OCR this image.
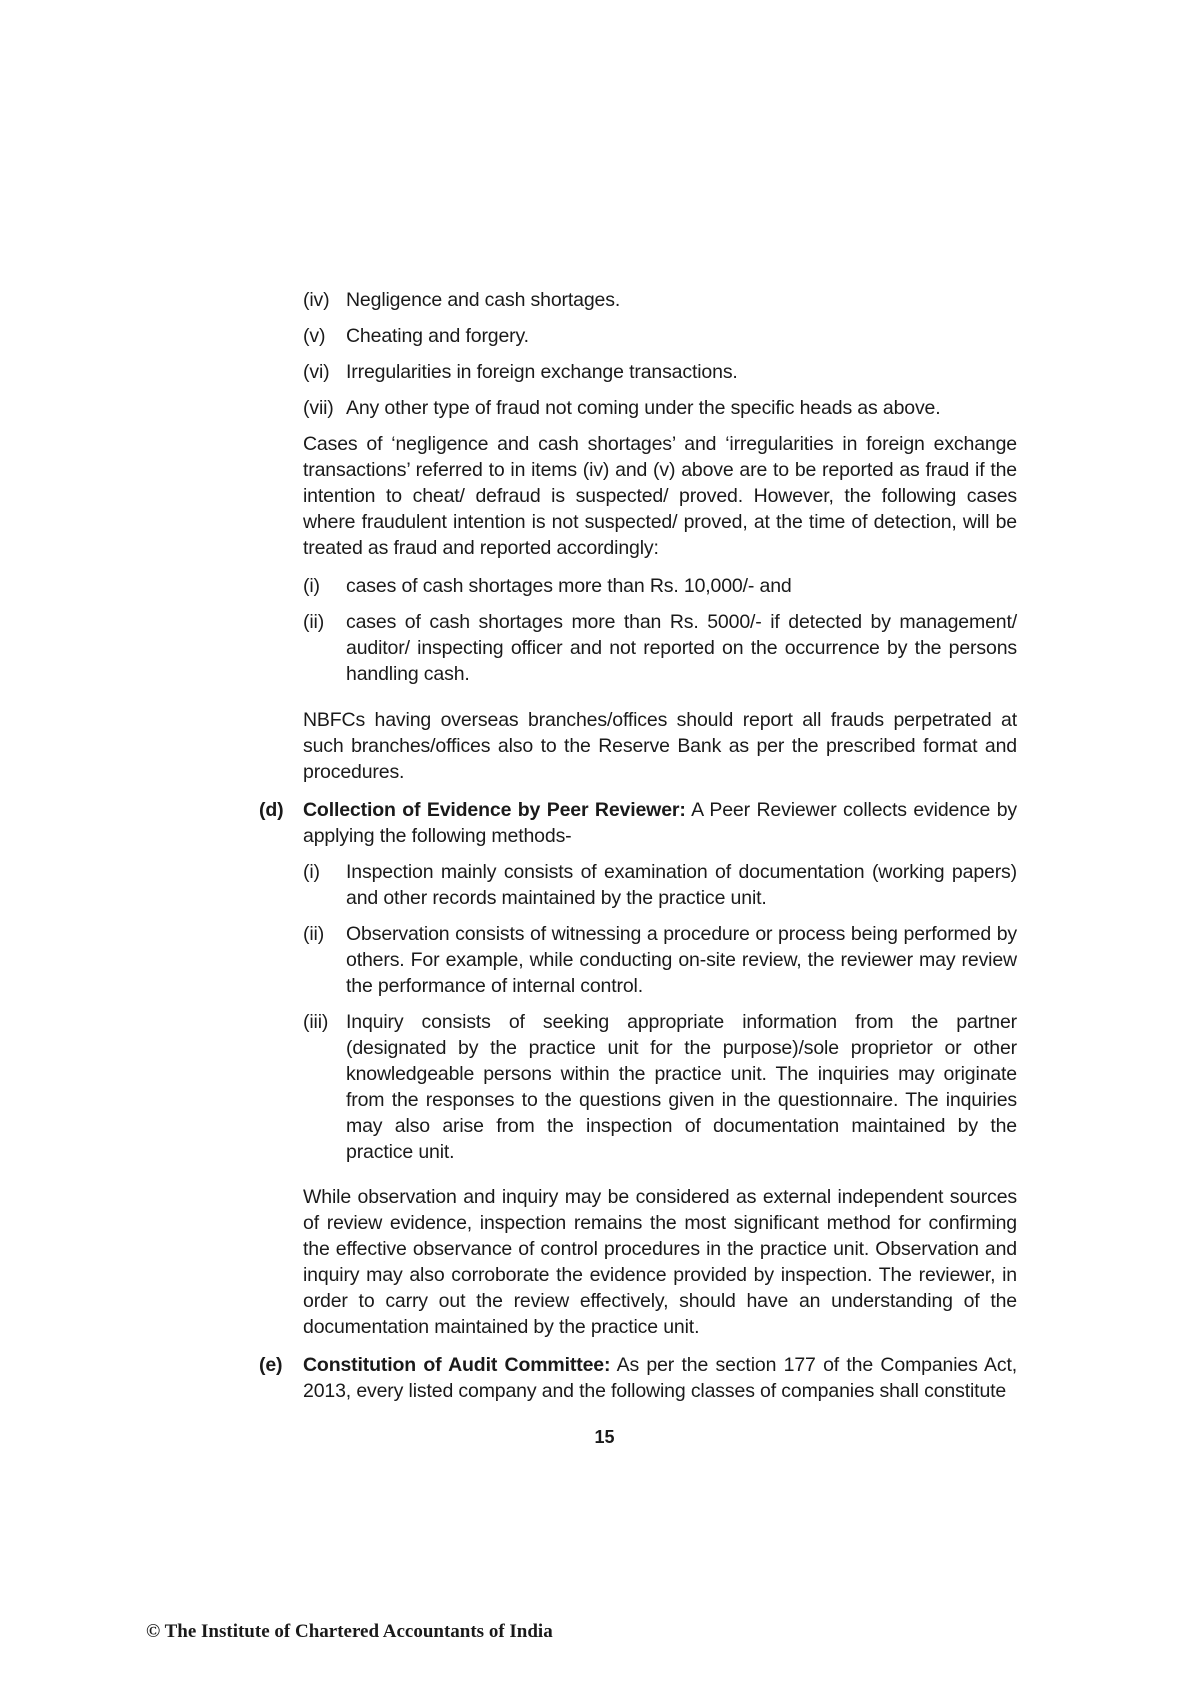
(iv) Negligence and cash shortages.
(v)	Cheating and forgery.
(vi) Irregularities in foreign exchange transactions.
(vii) Any other type of fraud not coming under the specific heads as above.

Cases of ‘negligence and cash shortages’ and ‘irregularities in foreign exchange transactions’ referred to in items (iv) and (v) above are to be reported as fraud if the intention to cheat/ defraud is suspected/ proved. However, the following cases where fraudulent intention is not suspected/ proved, at the time of detection, will be treated as fraud and reported accordingly:

(i)	cases of cash shortages more than Rs. 10,000/- and
(ii)	cases of cash shortages more than Rs. 5000/- if detected by management/ auditor/ inspecting officer and not reported on the occurrence by the persons handling cash.

NBFCs having overseas branches/offices should report all frauds perpetrated at such branches/offices also to the Reserve Bank as per the prescribed format and procedures.

(d)	Collection of Evidence by Peer Reviewer: A Peer Reviewer collects evidence by applying the following methods-
(i)	Inspection mainly consists of examination of documentation (working papers) and other records maintained by the practice unit.
(ii)	Observation consists of witnessing a procedure or process being performed by others. For example, while conducting on-site review, the reviewer may review the performance of internal control.
(iii) Inquiry consists of seeking appropriate information from the partner (designated by the practice unit for the purpose)/sole proprietor or other knowledgeable persons within the practice unit. The inquiries may originate from the responses to the questions given in the questionnaire. The inquiries may also arise from the inspection of documentation maintained by the practice unit.

While observation and inquiry may be considered as external independent sources of review evidence, inspection remains the most significant method for confirming the effective observance of control procedures in the practice unit. Observation and inquiry may also corroborate the evidence provided by inspection. The reviewer, in order to carry out the review effectively, should have an understanding of the documentation maintained by the practice unit.

(e)	Constitution of Audit Committee: As per the section 177 of the Companies Act, 2013, every listed company and the following classes of companies shall constitute
15
© The Institute of Chartered Accountants of India
